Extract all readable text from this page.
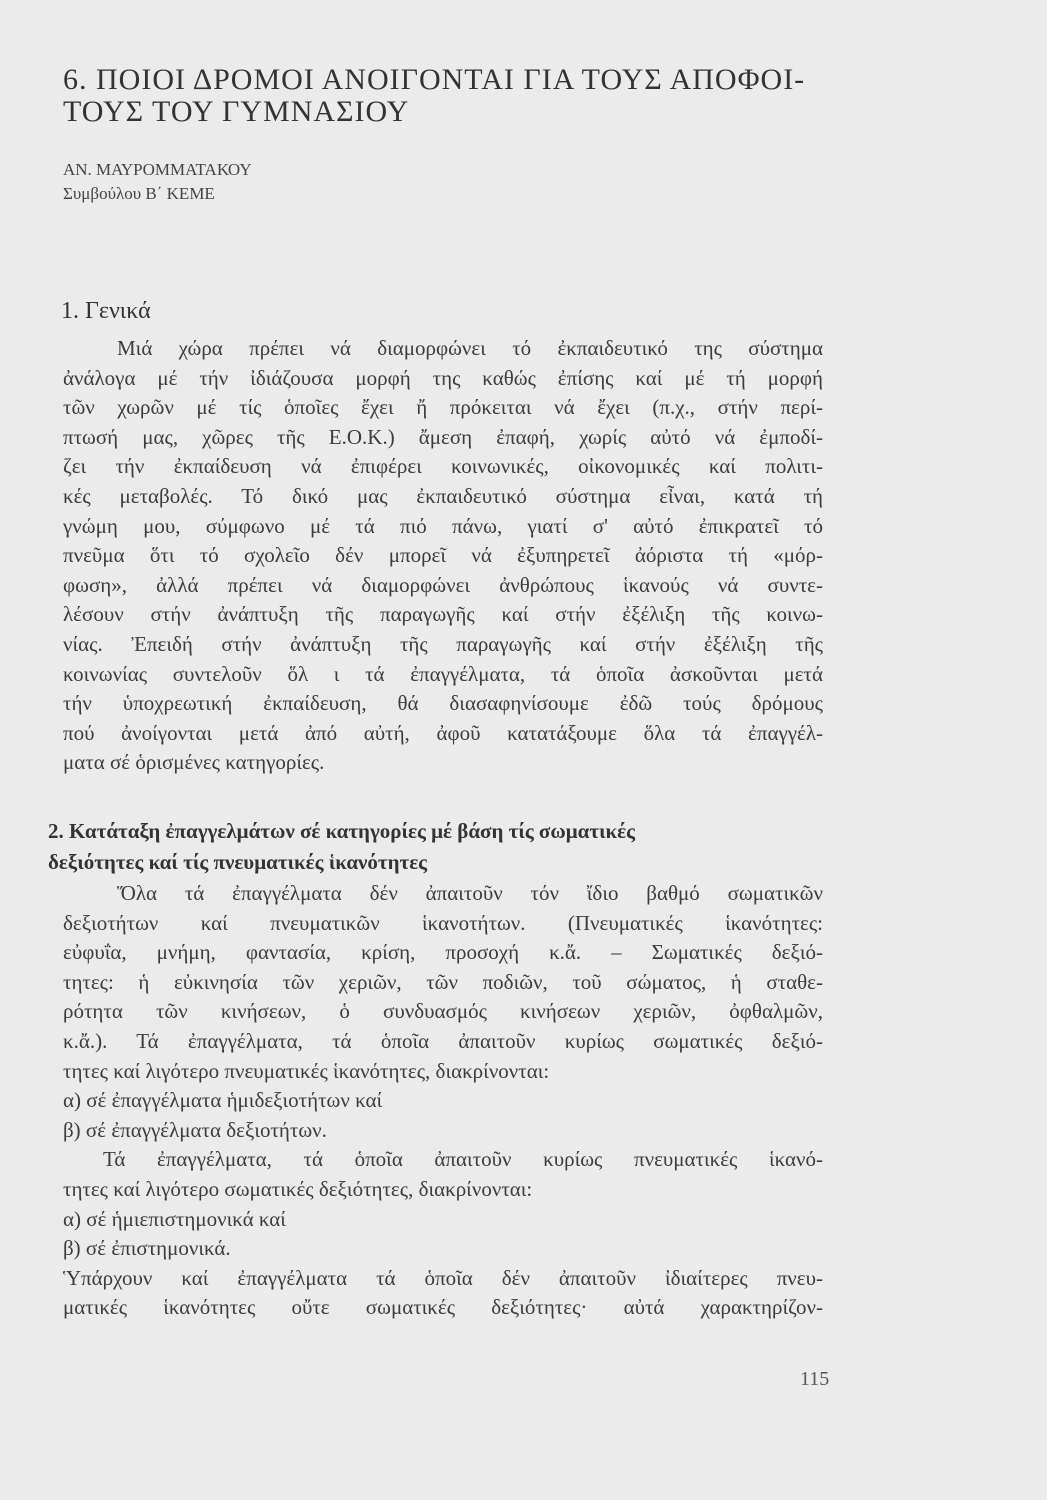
6. ΠΟΙΟΙ ΔΡΟΜΟΙ ΑΝΟΙΓΟΝΤΑΙ ΓΙΑ ΤΟΥΣ ΑΠΟΦΟΙ-ΤΟΥΣ ΤΟΥ ΓΥΜΝΑΣΙΟΥ

ΑΝ. ΜΑΥΡΟΜΜΑΤΑΚΟΥ

Συμβούλου Β΄ ΚΕΜΕ

1. Γενικά

Μιά χώρα πρέπει νά διαμορφώνει τό ἐκπαιδευτικό της σύστημα

ἀνάλογα μέ τήν ἰδιάζουσα μορφή της καθώς ἐπίσης καί μέ τή μορφή

τῶν χωρῶν μέ τίς ὁποῖες ἔχει ἤ πρόκειται νά ἔχει (π.χ., στήν περί-

πτωσή μας, χῶρες τῆς Ε.Ο.Κ.) ἄμεση ἐπαφή, χωρίς αὐτό νά ἐμποδί-

ζει τήν ἐκπαίδευση νά ἐπιφέρει κοινωνικές, οἰκονομικές καί πολιτι-

κές μεταβολές. Τό δικό μας ἐκπαιδευτικό σύστημα εἶναι, κατά τή

γνώμη μου, σύμφωνο μέ τά πιό πάνω, γιατί σ' αὐτό ἐπικρατεῖ τό

πνεῦμα ὅτι τό σχολεῖο δέν μπορεῖ νά ἐξυπηρετεῖ ἀόριστα τή «μόρ-

φωση», ἀλλά πρέπει νά διαμορφώνει ἀνθρώπους ἱκανούς νά συντε-

λέσουν στήν ἀνάπτυξη τῆς παραγωγῆς καί στήν ἐξέλιξη τῆς κοινω-

νίας. Ἐπειδή στήν ἀνάπτυξη τῆς παραγωγῆς καί στήν ἐξέλιξη τῆς

κοινωνίας συντελοῦν ὅλ ι τά ἐπαγγέλματα, τά ὁποῖα ἀσκοῦνται μετά

τήν ὑποχρεωτική ἐκπαίδευση, θά διασαφηνίσουμε ἐδῶ τούς δρόμους

πού ἀνοίγονται μετά ἀπό αὐτή, ἀφοῦ κατατάξουμε ὅλα τά ἐπαγγέλ-

ματα σέ ὁρισμένες κατηγορίες.

2. Κατάταξη ἐπαγγελμάτων σέ κατηγορίες μέ βάση τίς σωματικές
δεξιότητες καί τίς πνευματικές ἱκανότητες

Ὅλα τά ἐπαγγέλματα δέν ἀπαιτοῦν τόν ἴδιο βαθμό σωματικῶν

δεξιοτήτων καί πνευματικῶν ἱκανοτήτων. (Πνευματικές ἱκανότητες:

εὐφυΐα, μνήμη, φαντασία, κρίση, προσοχή κ.ἄ. – Σωματικές δεξιό-

τητες: ἡ εὐκινησία τῶν χεριῶν, τῶν ποδιῶν, τοῦ σώματος, ἡ σταθε-

ρότητα τῶν κινήσεων, ὁ συνδυασμός κινήσεων χεριῶν, ὀφθαλμῶν,

κ.ἄ.). Τά ἐπαγγέλματα, τά ὁποῖα ἀπαιτοῦν κυρίως σωματικές δεξιό-

τητες καί λιγότερο πνευματικές ἱκανότητες, διακρίνονται:

α) σέ ἐπαγγέλματα ἡμιδεξιοτήτων καί

β) σέ ἐπαγγέλματα δεξιοτήτων.

Τά ἐπαγγέλματα, τά ὁποῖα ἀπαιτοῦν κυρίως πνευματικές ἱκανό-

τητες καί λιγότερο σωματικές δεξιότητες, διακρίνονται:

α) σέ ἡμιεπιστημονικά καί

β) σέ ἐπιστημονικά.

Ὑπάρχουν καί ἐπαγγέλματα τά ὁποῖα δέν ἀπαιτοῦν ἰδιαίτερες πνευ-

ματικές ἱκανότητες οὔτε σωματικές δεξιότητες· αὐτά χαρακτηρίζον-

115
